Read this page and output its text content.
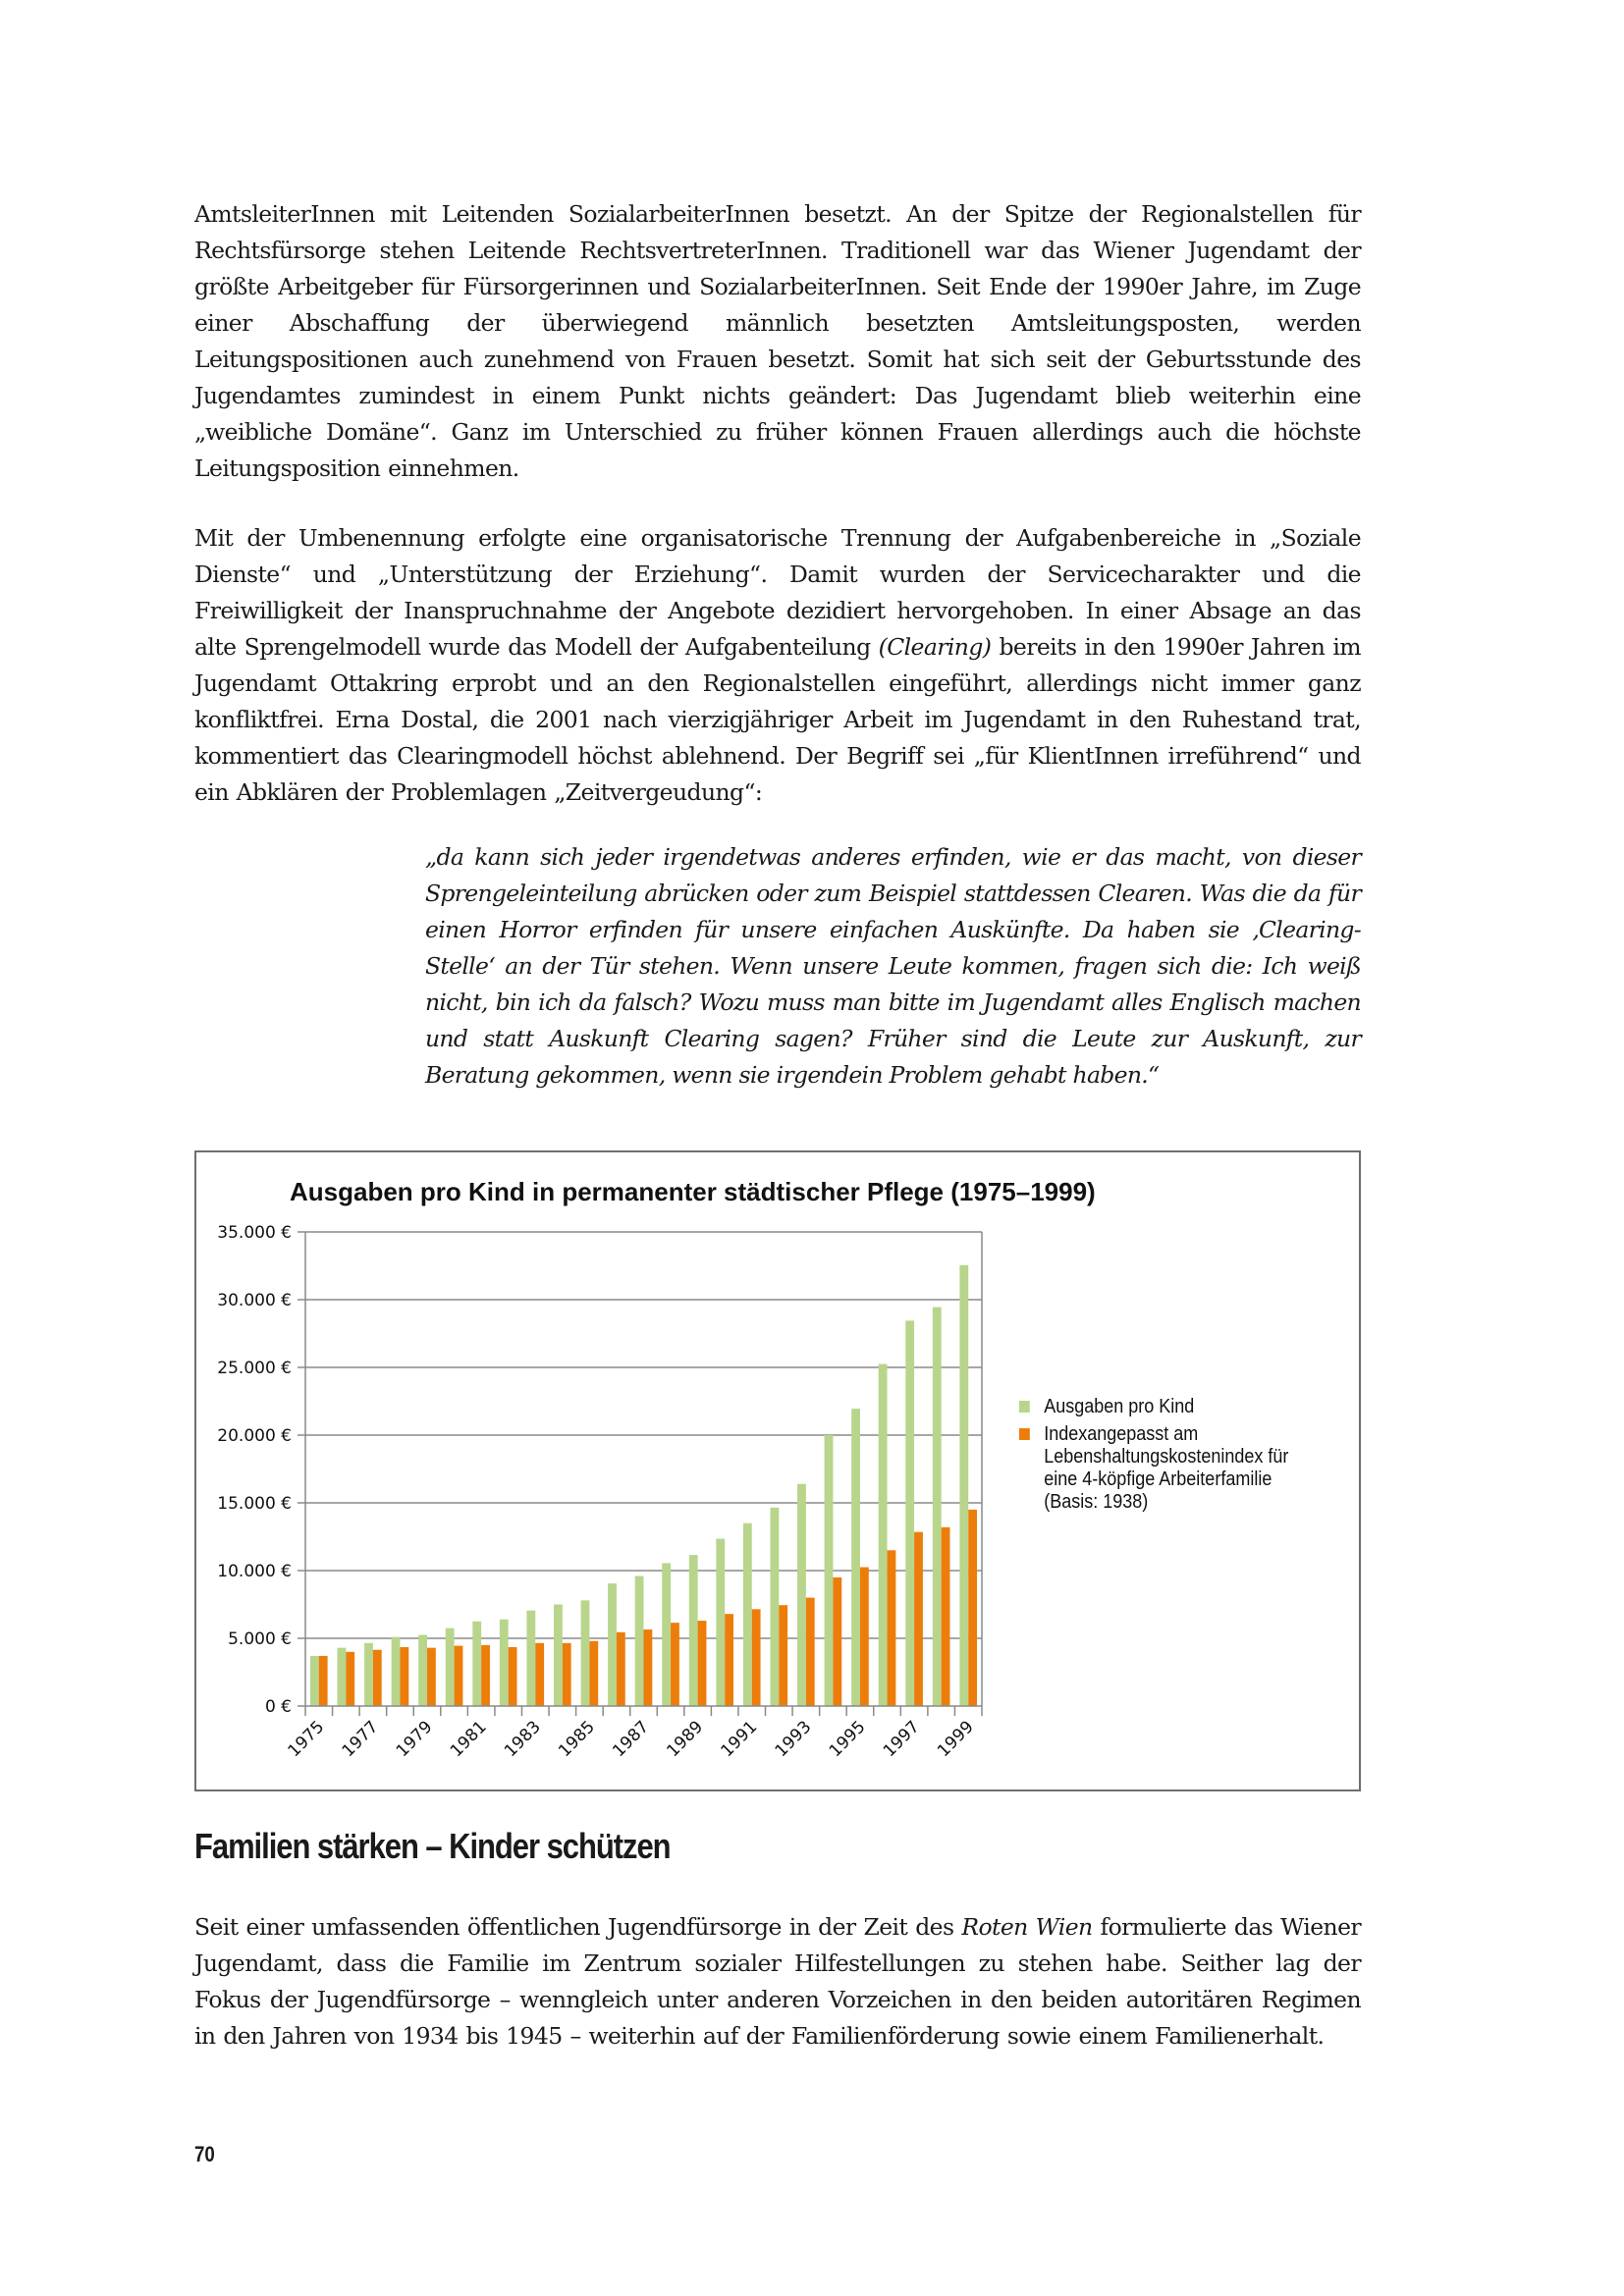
AmtsleiterInnen mit Leitenden SozialarbeiterInnen besetzt. An der Spitze der Regionalstellen für Rechtsfürsorge stehen Leitende RechtsvertreterInnen. Traditionell war das Wiener Jugendamt der größte Arbeitgeber für Fürsorgerinnen und SozialarbeiterInnen. Seit Ende der 1990er Jahre, im Zuge einer Abschaffung der überwiegend männlich besetzten Amtsleitungsposten, werden Leitungspositionen auch zunehmend von Frauen besetzt. Somit hat sich seit der Geburtsstunde des Jugendamtes zumindest in einem Punkt nichts geändert: Das Jugendamt blieb weiterhin eine „weibliche Domäne“. Ganz im Unterschied zu früher können Frauen allerdings auch die höchste Leitungsposition einnehmen.

Mit der Umbenennung erfolgte eine organisatorische Trennung der Aufgabenbereiche in „Soziale Dienste“ und „Unterstützung der Erziehung“. Damit wurden der Servicecharakter und die Freiwilligkeit der Inanspruchnahme der Angebote dezidiert hervorgehoben. In einer Absage an das alte Sprengelmodell wurde das Modell der Aufgabenteilung (Clearing) bereits in den 1990er Jahren im Jugendamt Ottakring erprobt und an den Regionalstellen eingeführt, allerdings nicht immer ganz konfliktfrei. Erna Dostal, die 2001 nach vierzigjähriger Arbeit im Jugendamt in den Ruhestand trat, kommentiert das Clearingmodell höchst ablehnend. Der Begriff sei „für KlientInnen irreführend“ und ein Abklären der Problemlagen „Zeitvergeudung“:

„da kann sich jeder irgendetwas anderes erfinden, wie er das macht, von dieser Sprengeleinteilung abrücken oder zum Beispiel stattdessen Clearen. Was die da für einen Horror erfinden für unsere einfachen Auskünfte. Da haben sie ‚Clearing-Stelle‘ an der Tür stehen. Wenn unsere Leute kommen, fragen sich die: Ich weiß nicht, bin ich da falsch? Wozu muss man bitte im Jugendamt alles Englisch machen und statt Auskunft Clearing sagen? Früher sind die Leute zur Auskunft, zur Beratung gekommen, wenn sie irgendein Problem gehabt haben.“

Ausgaben pro Kind in permanenter städtischer Pflege (1975–1999)
0 €
5.000 €
10.000 €
15.000 €
20.000 €
25.000 €
30.000 €
35.000 €
1975 1977 1979 1981 1983 1985 1987 1989 1991 1993 1995 1997 1999
Ausgaben pro Kind
Indexangepasst am Lebenshaltungskostenindex für eine 4-köpfige Arbeiterfamilie (Basis: 1938)
Familien stärken – Kinder schützen

Seit einer umfassenden öffentlichen Jugendfürsorge in der Zeit des Roten Wien formulierte das Wiener Jugendamt, dass die Familie im Zentrum sozialer Hilfestellungen zu stehen habe. Seither lag der Fokus der Jugendfürsorge – wenngleich unter anderen Vorzeichen in den beiden autoritären Regimen in den Jahren von 1934 bis 1945 – weiterhin auf der Familienförderung sowie einem Familienerhalt.

70
